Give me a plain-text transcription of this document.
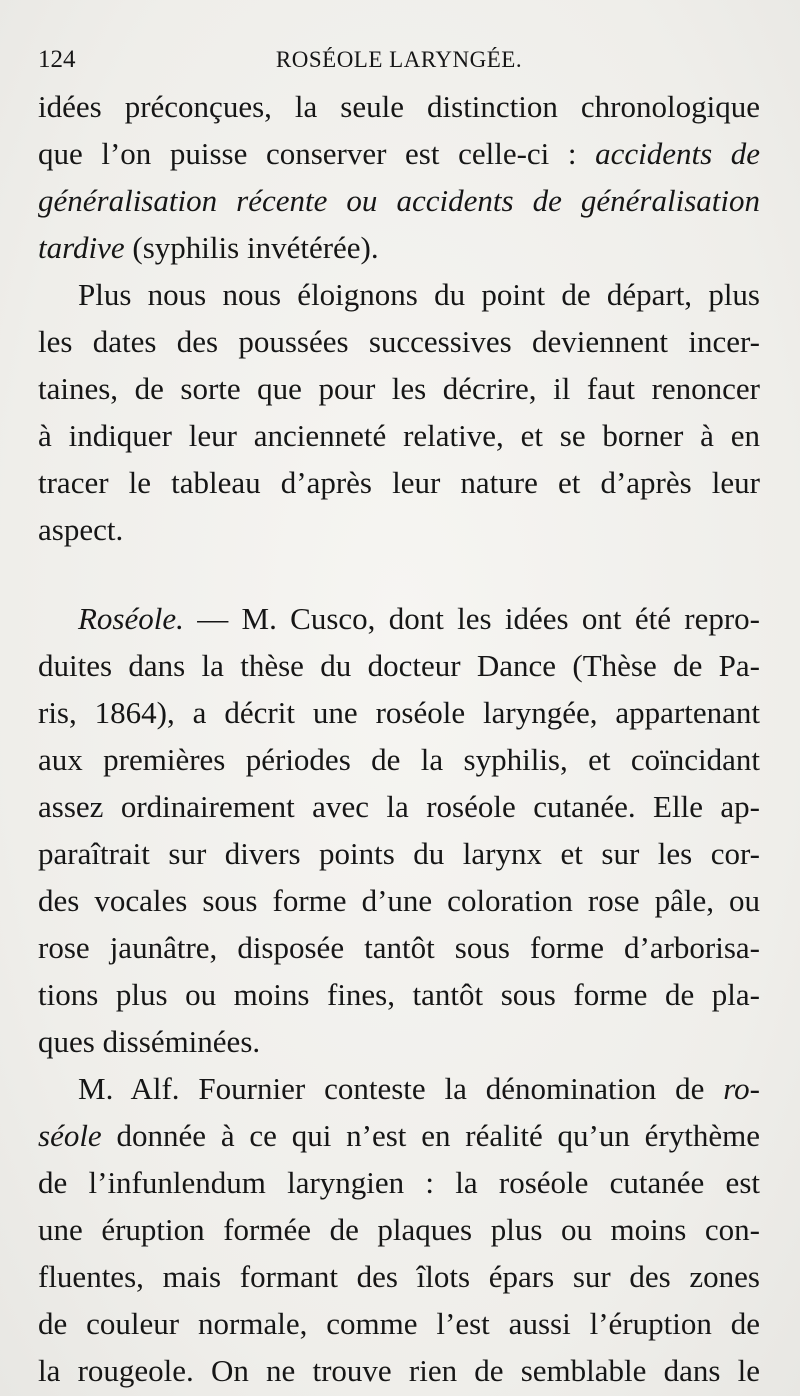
124	ROSÉOLE LARYNGÉE.
idées préconçues, la seule distinction chronologique
que l’on puisse conserver est celle-ci : accidents de
généralisation récente ou accidents de généralisation
tardive (syphilis invétérée).
Plus nous nous éloignons du point de départ, plus
les dates des poussées successives deviennent incer-
taines, de sorte que pour les décrire, il faut renoncer
à indiquer leur ancienneté relative, et se borner à en
tracer le tableau d’après leur nature et d’après leur
aspect.
Roséole. — M. Cusco, dont les idées ont été repro-
duites dans la thèse du docteur Dance (Thèse de Pa-
ris, 1864), a décrit une roséole laryngée, appartenant
aux premières périodes de la syphilis, et coïncidant
assez ordinairement avec la roséole cutanée. Elle ap-
paraîtrait sur divers points du larynx et sur les cor-
des vocales sous forme d’une coloration rose pâle, ou
rose jaunâtre, disposée tantôt sous forme d’arborisa-
tions plus ou moins fines, tantôt sous forme de pla-
ques disséminées.
M. Alf. Fournier conteste la dénomination de ro-
séole donnée à ce qui n’est en réalité qu’un érythème
de l’infunlendum laryngien : la roséole cutanée est
une éruption formée de plaques plus ou moins con-
fluentes, mais formant des îlots épars sur des zones
de couleur normale, comme l’est aussi l’éruption de
la rougeole. On ne trouve rien de semblable dans le
